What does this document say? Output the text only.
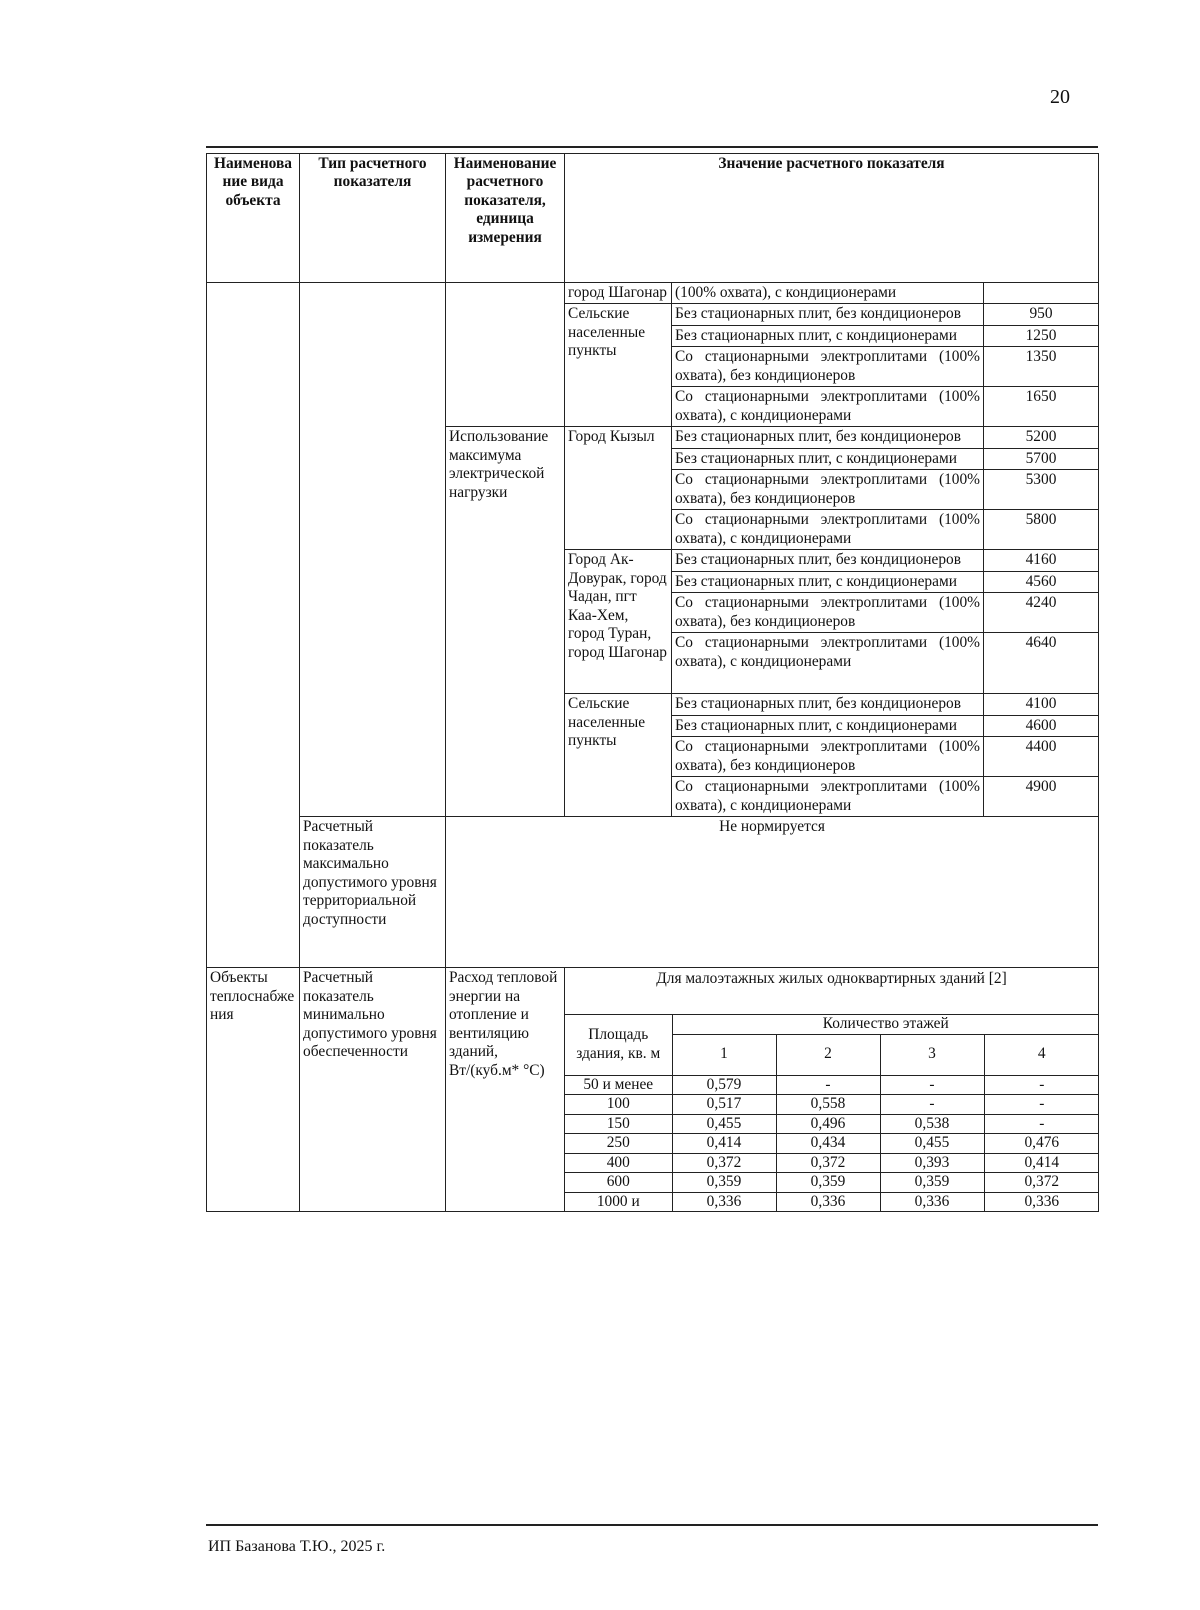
20
Наименование вида объекта	Тип расчетного показателя	Наименование расчетного показателя, единица измерения	Значение расчетного показателя
			город Шагонар	(100% охвата), с кондиционерами	
Сельские населенные пункты	Без стационарных плит, без кондиционеров	950
Без стационарных плит, с кондиционерами	1250
Со стационарными электроплитами (100% охвата), без кондиционеров	1350
Со стационарными электроплитами (100% охвата), с кондиционерами	1650
Использование максимума электрической нагрузки	Город Кызыл	Без стационарных плит, без кондиционеров	5200
Без стационарных плит, с кондиционерами	5700
Со стационарными электроплитами (100% охвата), без кондиционеров	5300
Со стационарными электроплитами (100% охвата), с кондиционерами	5800
Город Ак-Довурак, город Чадан, пгт Каа-Хем, город Туран, город Шагонар	Без стационарных плит, без кондиционеров	4160
Без стационарных плит, с кондиционерами	4560
Со стационарными электроплитами (100% охвата), без кондиционеров	4240
Со стационарными электроплитами (100% охвата), с кондиционерами	4640
Сельские населенные пункты	Без стационарных плит, без кондиционеров	4100
Без стационарных плит, с кондиционерами	4600
Со стационарными электроплитами (100% охвата), без кондиционеров	4400
Со стационарными электроплитами (100% охвата), с кондиционерами	4900
Расчетный показатель максимально допустимого уровня территориальной доступности	Не нормируется
Объекты теплоснабжения	Расчетный показатель минимально допустимого уровня обеспеченности	Расход тепловой энергии на отопление и вентиляцию зданий, Вт/(куб.м* °С)	
Для малоэтажных жилых одноквартирных зданий [2]
Площадь здания, кв. м	Количество этажей
1	2	3	4
50 и менее	0,579	-	-	-
100	0,517	0,558	-	-
150	0,455	0,496	0,538	-
250	0,414	0,434	0,455	0,476
400	0,372	0,372	0,393	0,414
600	0,359	0,359	0,359	0,372
1000 и	0,336	0,336	0,336	0,336
ИП Базанова Т.Ю., 2025 г.
